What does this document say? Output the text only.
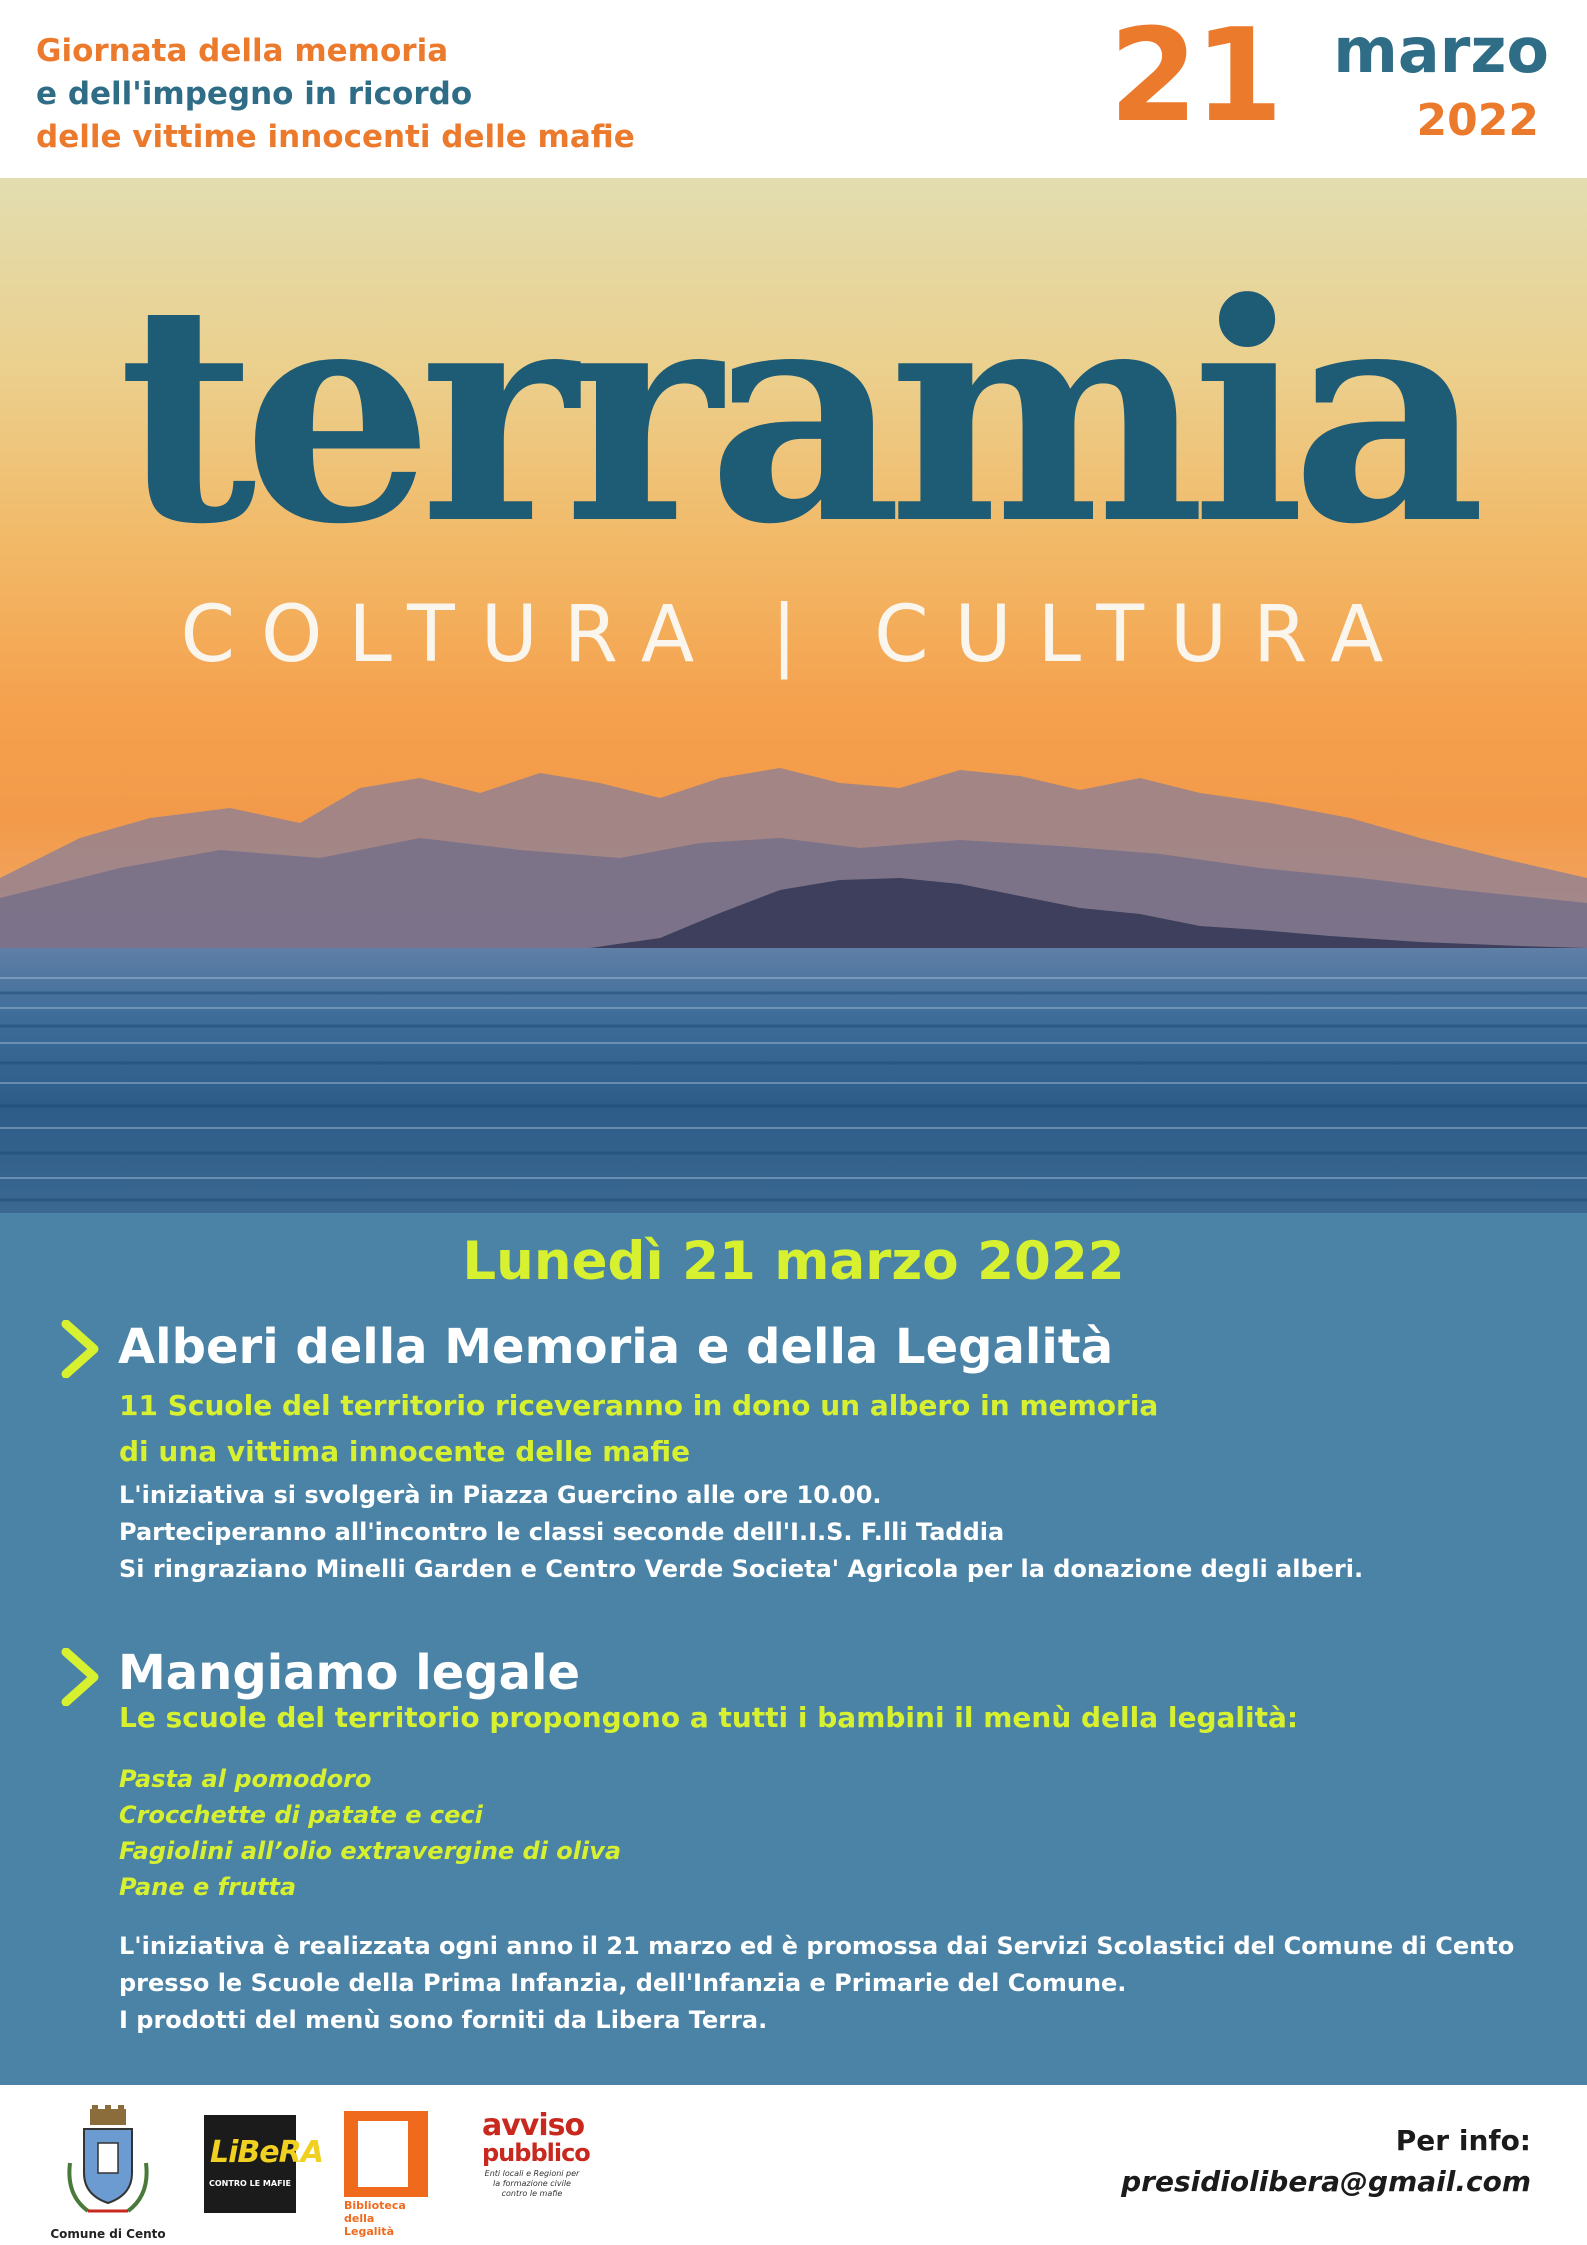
Giornata della memoria
e dell'impegno in ricordo
delle vittime innocenti delle mafie	21 marzo
2022
terramia
COLTURA | CULTURA
Lunedì 21 marzo 2022
Alberi della Memoria e della Legalità
11 Scuole del territorio riceveranno in dono un albero in memoria
di una vittima innocente delle mafie
L'iniziativa si svolgerà in Piazza Guercino alle ore 10.00.
Parteciperanno all'incontro le classi seconde dell'I.I.S. F.lli Taddia
Si ringraziano Minelli Garden e Centro Verde Societa' Agricola per la donazione degli alberi.
Mangiamo legale
Le scuole del territorio propongono a tutti i bambini il menù della legalità:
Pasta al pomodoro
Crocchette di patate e ceci
Fagiolini all’olio extravergine di oliva
Pane e frutta
L'iniziativa è realizzata ogni anno il 21 marzo ed è promossa dai Servizi Scolastici del Comune di Cento
presso le Scuole della Prima Infanzia, dell'Infanzia e Primarie del Comune.
I prodotti del menù sono forniti da Libera Terra.
Comune di Cento
LiBeRA
CONTRO LE MAFIE
Biblioteca
della Legalità
avviso
pubblico
Enti locali e Regioni per la formazione civile contro le mafie
Per info:
presidiolibera@gmail.com
